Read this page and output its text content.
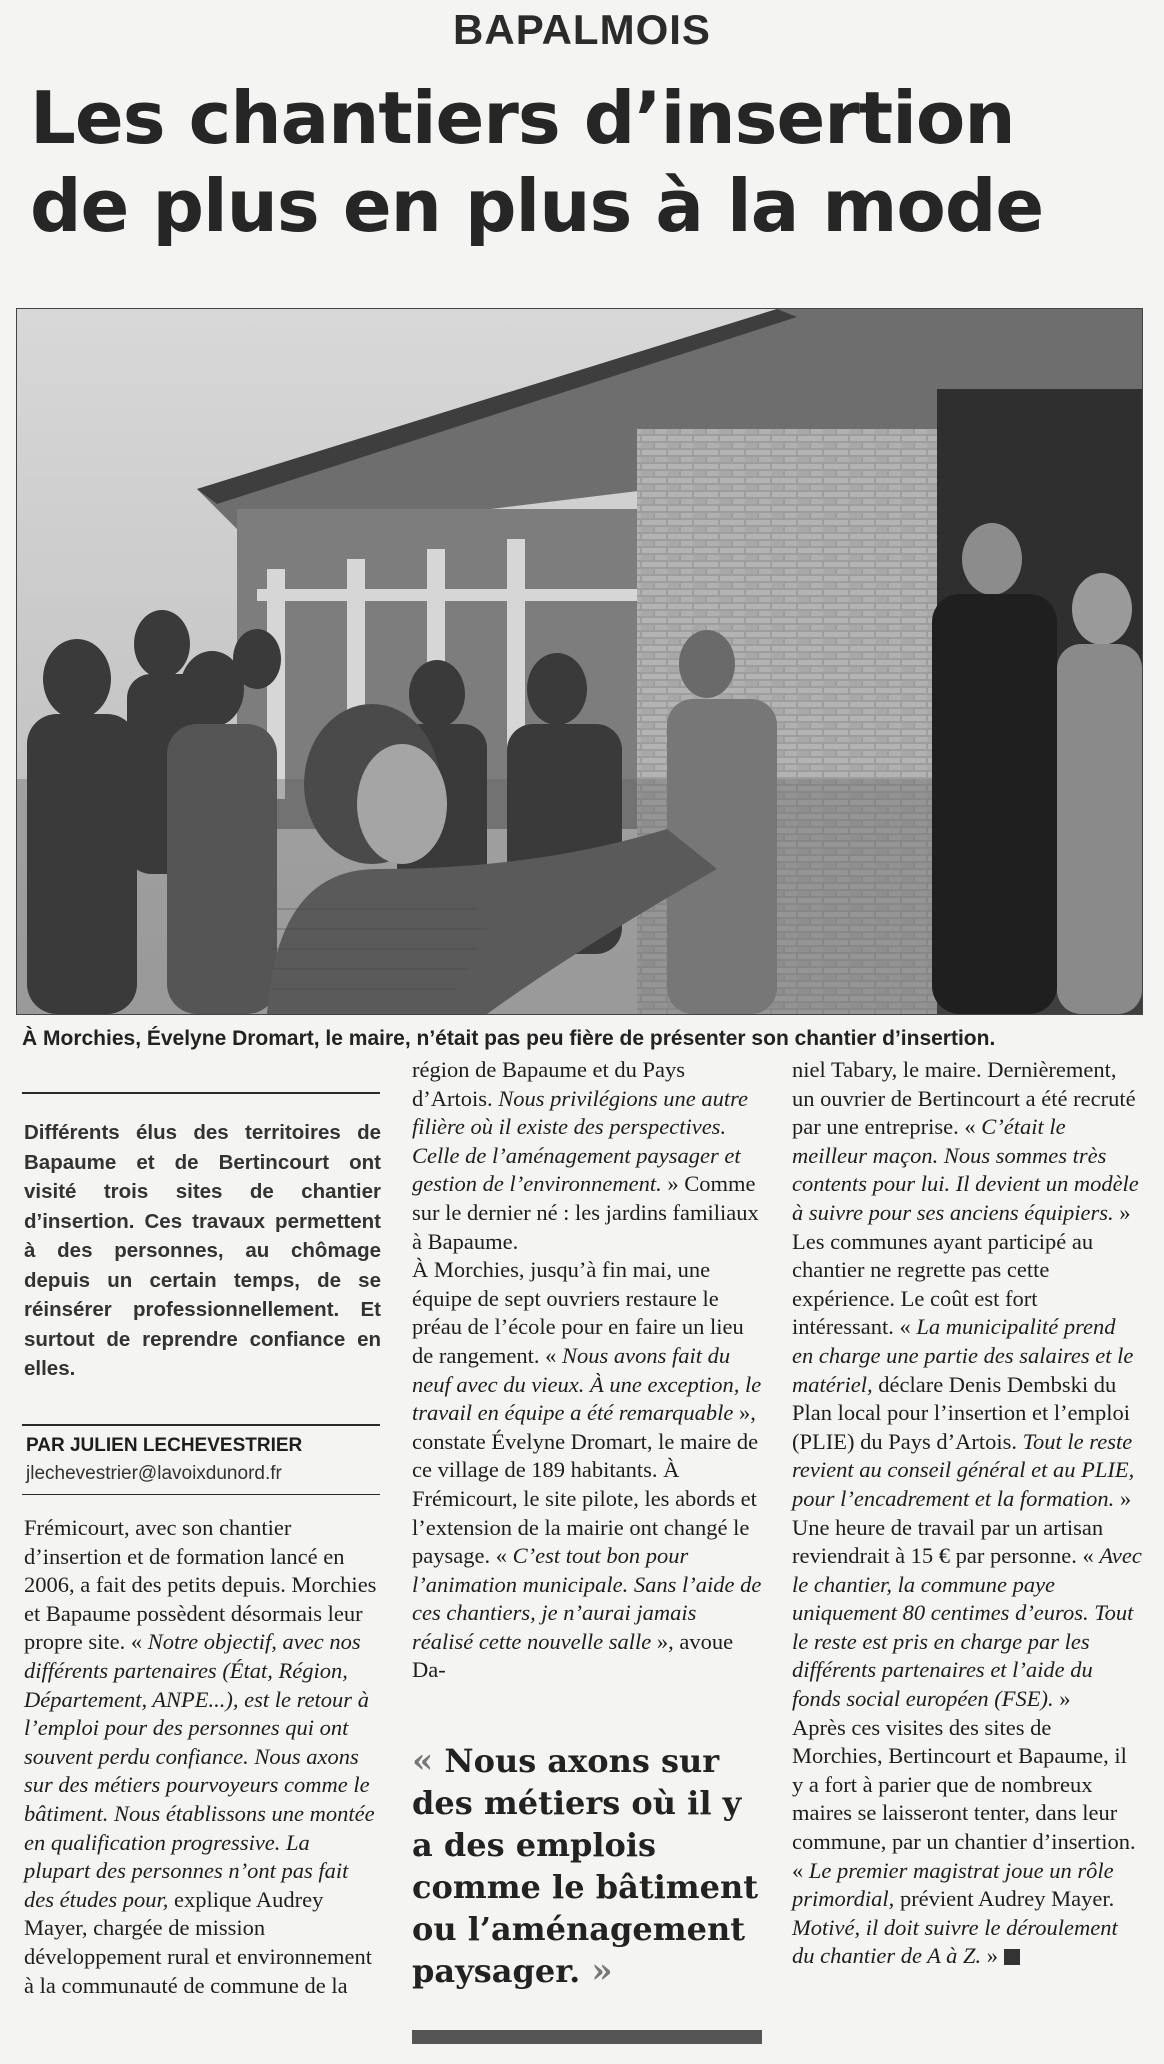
BAPALMOIS
Les chantiers d’insertion
de plus en plus à la mode
À Morchies, Évelyne Dromart, le maire, n’était pas peu fière de présenter son chantier d’insertion.
Différents élus des territoires de Bapaume et de Bertincourt ont visité trois sites de chantier d’insertion. Ces travaux permettent à des personnes, au chômage depuis un certain temps, de se réinsérer professionnellement. Et surtout de reprendre confiance en elles.
PAR JULIEN LECHEVESTRIER
jlechevestrier@lavoixdunord.fr

Frémicourt, avec son chantier d’insertion et de formation lancé en 2006, a fait des petits depuis. Morchies et Bapaume possèdent désormais leur propre site. « Notre objectif, avec nos différents partenaires (État, Région, Département, ANPE...), est le retour à l’emploi pour des personnes qui ont souvent perdu confiance. Nous axons sur des métiers pourvoyeurs comme le bâtiment. Nous établissons une montée en qualification progressive. La plupart des personnes n’ont pas fait des études pour, explique Audrey Mayer, chargée de mission développement rural et environnement à la communauté de commune de la

région de Bapaume et du Pays d’Artois. Nous privilégions une autre filière où il existe des perspectives. Celle de l’aménagement paysager et gestion de l’environnement. » Comme sur le dernier né : les jardins familiaux à Bapaume.

À Morchies, jusqu’à fin mai, une équipe de sept ouvriers restaure le préau de l’école pour en faire un lieu de rangement. « Nous avons fait du neuf avec du vieux. À une exception, le travail en équipe a été remarquable », constate Évelyne Dromart, le maire de ce village de 189 habitants. À Frémicourt, le site pilote, les abords et l’extension de la mairie ont changé le paysage. « C’est tout bon pour l’animation municipale. Sans l’aide de ces chantiers, je n’aurai jamais réalisé cette nouvelle salle », avoue Da-

« Nous axons sur des métiers où il y a des emplois comme le bâtiment ou l’aménagement paysager. »

niel Tabary, le maire. Dernièrement, un ouvrier de Bertincourt a été recruté par une entreprise. « C’était le meilleur maçon. Nous sommes très contents pour lui. Il devient un modèle à suivre pour ses anciens équipiers. »

Les communes ayant participé au chantier ne regrette pas cette expérience. Le coût est fort intéressant. « La municipalité prend en charge une partie des salaires et le matériel, déclare Denis Dembski du Plan local pour l’insertion et l’emploi (PLIE) du Pays d’Artois. Tout le reste revient au conseil général et au PLIE, pour l’encadrement et la formation. » Une heure de travail par un artisan reviendrait à 15 € par personne. « Avec le chantier, la commune paye uniquement 80 centimes d’euros. Tout le reste est pris en charge par les différents partenaires et l’aide du fonds social européen (FSE). »

Après ces visites des sites de Morchies, Bertincourt et Bapaume, il y a fort à parier que de nombreux maires se laisseront tenter, dans leur commune, par un chantier d’insertion. « Le premier magistrat joue un rôle primordial, prévient Audrey Mayer. Motivé, il doit suivre le déroulement du chantier de A à Z. »
